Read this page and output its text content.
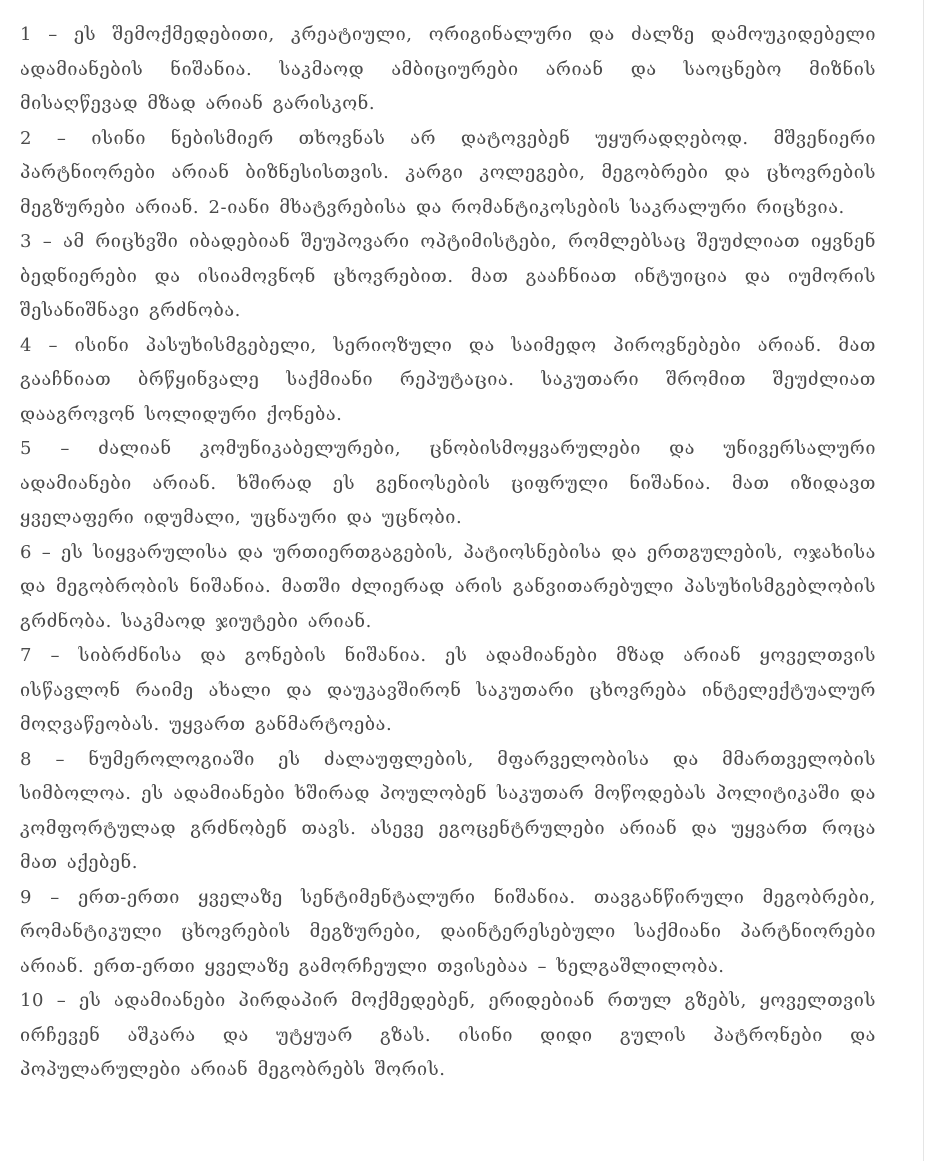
1 – ეს შემოქმედებითი, კრეატიული, ორიგინალური და ძალზე დამოუკიდებელი ადამიანების ნიშანია. საკმაოდ ამბიციურები არიან და საოცნებო მიზნის მისაღწევად მზად არიან გარისკონ.

2 – ისინი ნებისმიერ თხოვნას არ დატოვებენ უყურადღებოდ. მშვენიერი პარტნიორები არიან ბიზნესისთვის. კარგი კოლეგები, მეგობრები და ცხოვრების მეგზურები არიან. 2-იანი მხატვრებისა და რომანტიკოსების საკრალური რიცხვია.

3 – ამ რიცხვში იბადებიან შეუპოვარი ოპტიმისტები, რომლებსაც შეუძლიათ იყვნენ ბედნიერები და ისიამოვნონ ცხოვრებით. მათ გააჩნიათ ინტუიცია და იუმორის შესანიშნავი გრძნობა.

4 – ისინი პასუხისმგებელი, სერიოზული და საიმედო პიროვნებები არიან. მათ გააჩნიათ ბრწყინვალე საქმიანი რეპუტაცია. საკუთარი შრომით შეუძლიათ დააგროვონ სოლიდური ქონება.

5 – ძალიან კომუნიკაბელურები, ცნობისმოყვარულები და უნივერსალური ადამიანები არიან. ხშირად ეს გენიოსების ციფრული ნიშანია. მათ იზიდავთ ყველაფერი იდუმალი, უცნაური და უცნობი.

6 – ეს სიყვარულისა და ურთიერთგაგების, პატიოსნებისა და ერთგულების, ოჯახისა და მეგობრობის ნიშანია. მათში ძლიერად არის განვითარებული პასუხისმგებლობის გრძნობა. საკმაოდ ჯიუტები არიან.

7 – სიბრძნისა და გონების ნიშანია. ეს ადამიანები მზად არიან ყოველთვის ისწავლონ რაიმე ახალი და დაუკავშირონ საკუთარი ცხოვრება ინტელექტუალურ მოღვაწეობას. უყვართ განმარტოება.

8 – ნუმეროლოგიაში ეს ძალაუფლების, მფარველობისა და მმართველობის სიმბოლოა. ეს ადამიანები ხშირად პოულობენ საკუთარ მოწოდებას პოლიტიკაში და კომფორტულად გრძნობენ თავს. ასევე ეგოცენტრულები არიან და უყვართ როცა მათ აქებენ.

9 – ერთ-ერთი ყველაზე სენტიმენტალური ნიშანია. თავგანწირული მეგობრები, რომანტიკული ცხოვრების მეგზურები, დაინტერესებული საქმიანი პარტნიორები არიან. ერთ-ერთი ყველაზე გამორჩეული თვისებაა – ხელგაშლილობა.

10 – ეს ადამიანები პირდაპირ მოქმედებენ, ერიდებიან რთულ გზებს, ყოველთვის ირჩევენ აშკარა და უტყუარ გზას. ისინი დიდი გულის პატრონები და პოპულარულები არიან მეგობრებს შორის.
